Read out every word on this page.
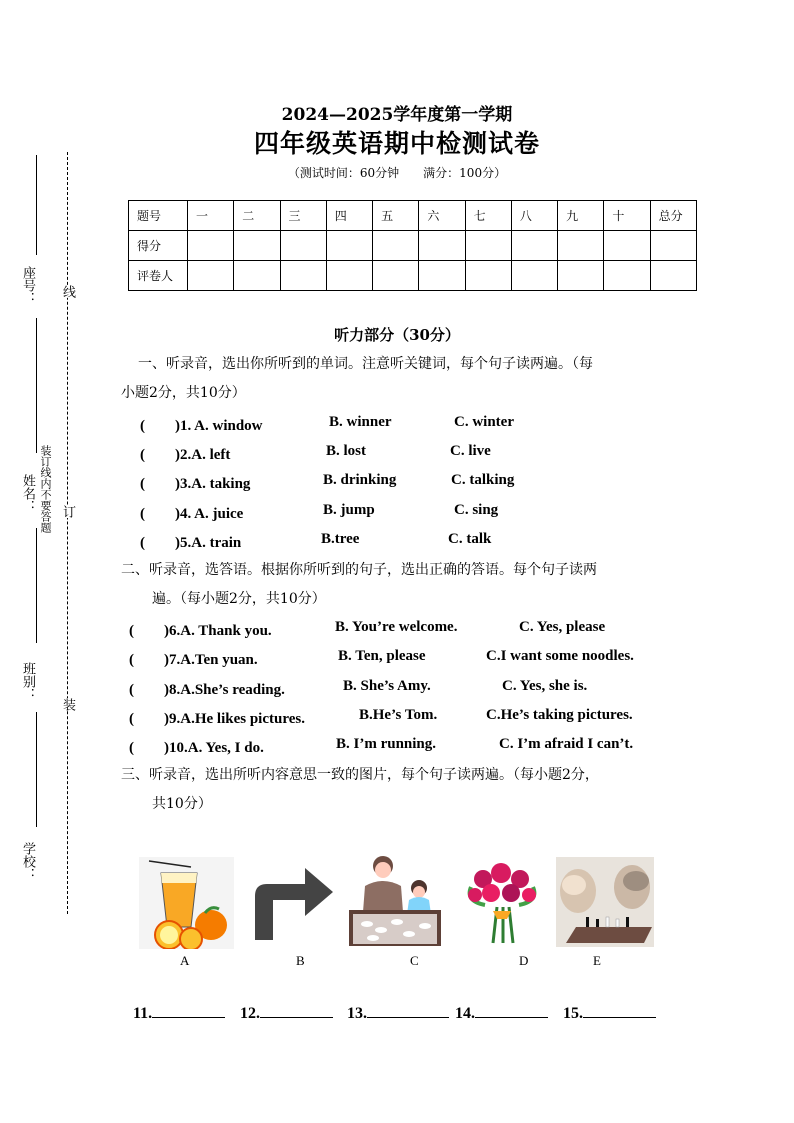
座号：
姓名：
班别：
学校：
线
订
装
装订线内不要答题
2024—2025学年度第一学期
四年级英语期中检测试卷
（测试时间：60分钟　　满分：100分）
题号	一	二	三	四	五	六	七	八	九	十	总分
得分											
评卷人											
听力部分（30分）
一、听录音，选出你所听到的单词。注意听关键词，每个句子读两遍。（每
小题2分，共10分）
(　　)1. A. window	B. winner	C. winter
(　　)2.A. left	B. lost	C. live
(　　)3.A. taking	B. drinking	C. talking
(　　)4. A. juice	B. jump	C. sing
(　　)5.A. train	B.tree	C. talk
二、听录音，选答语。根据你所听到的句子，选出正确的答语。每个句子读两
遍。（每小题2分，共10分）
(　　)6.A. Thank you.	B. You’re welcome.	C. Yes, please
(　　)7.A.Ten yuan.	B. Ten, please	C.I want some noodles.
(　　)8.A.She’s reading.	B. She’s Amy.	C. Yes, she is.
(　　)9.A.He likes pictures.	B.He’s Tom.	C.He’s taking pictures.
(　　)10.A. Yes, I do.	B. I’m running.	C. I’m afraid I can’t.
三、听录音，选出所听内容意思一致的图片，每个句子读两遍。（每小题2分，
共10分）
A	B	C	D	E
11.	12.	13.	14.	15.
